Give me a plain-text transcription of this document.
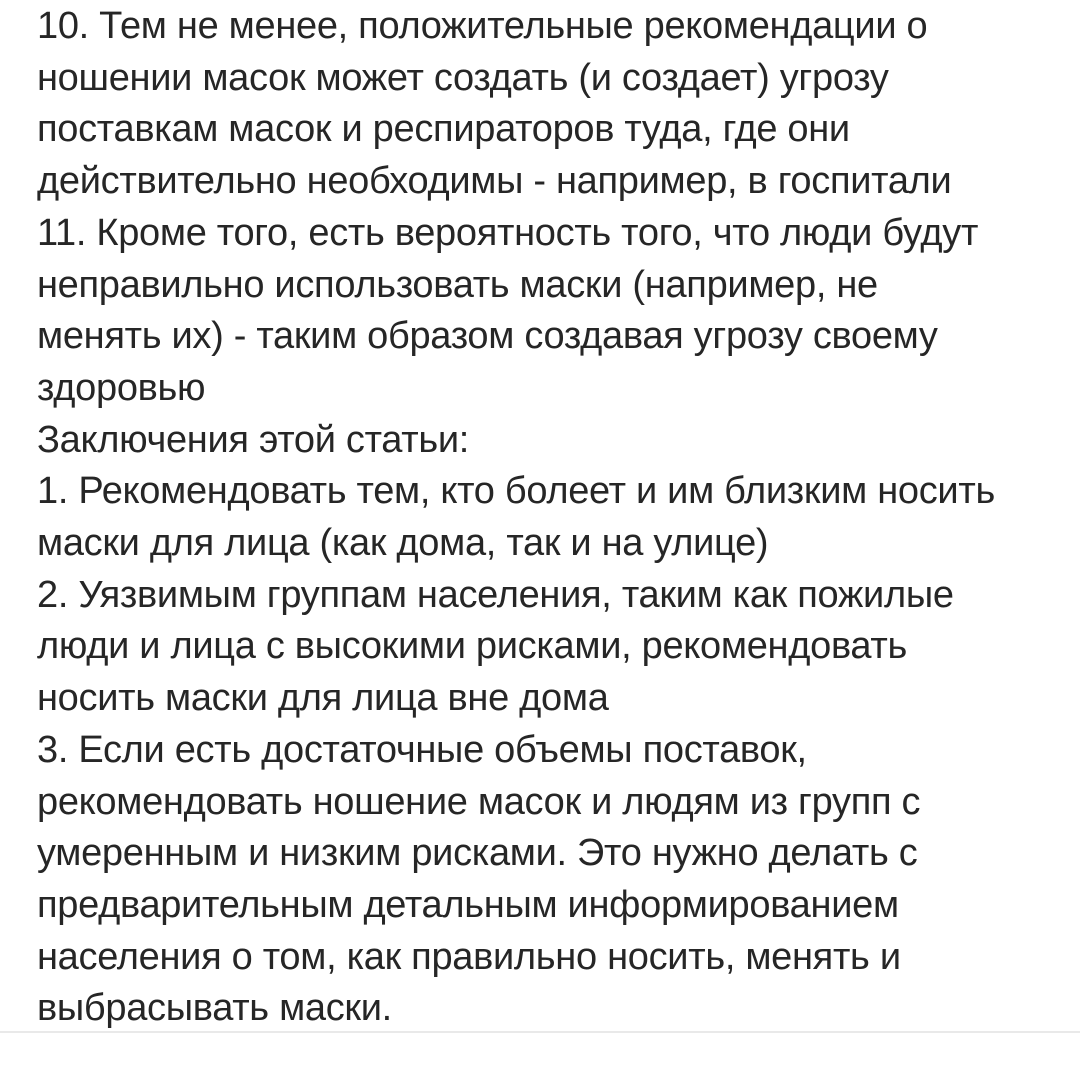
10. Тем не менее, положительные рекомендации о
ношении масок может создать (и создает) угрозу
поставкам масок и респираторов туда, где они
действительно необходимы - например, в госпитали
11. Кроме того, есть вероятность того, что люди будут
неправильно использовать маски (например, не
менять их) - таким образом создавая угрозу своему
здоровью
Заключения этой статьи:
1. Рекомендовать тем, кто болеет и им близким носить
маски для лица (как дома, так и на улице)
2. Уязвимым группам населения, таким как пожилые
люди и лица с высокими рисками, рекомендовать
носить маски для лица вне дома
3. Если есть достаточные объемы поставок,
рекомендовать ношение масок и людям из групп с
умеренным и низким рисками. Это нужно делать с
предварительным детальным информированием
населения о том, как правильно носить, менять и
выбрасывать маски.
